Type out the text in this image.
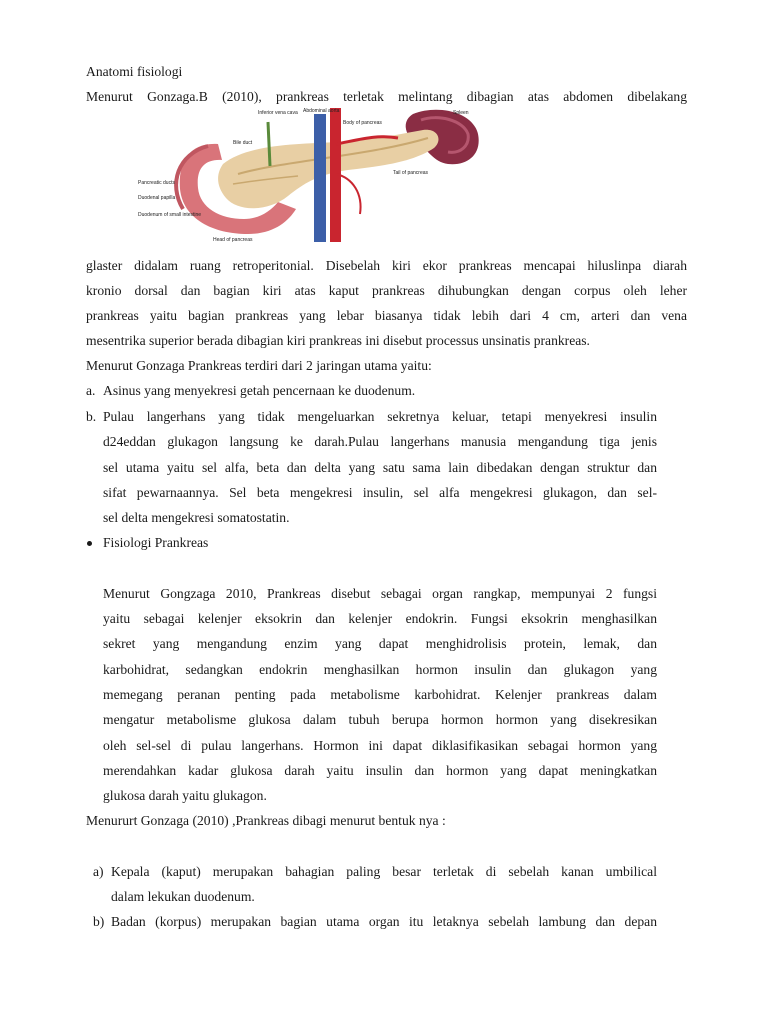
Anatomi fisiologi
Menurut Gonzaga.B (2010), prankreas terletak melintang dibagian atas abdomen dibelakang
Inferior vena cava Abdominal aorta
Body of pancreas
Spleen
Bile duct
Tail of pancreas
Pancreatic ducts
Duodenal papilla
Duodenum of small intestine
Head of pancreas
glaster didalam ruang retroperitonial. Disebelah kiri ekor prankreas mencapai hiluslinpa diarah
kronio dorsal dan bagian kiri atas kaput prankreas dihubungkan dengan corpus oleh leher
prankreas yaitu bagian prankreas yang lebar biasanya tidak lebih dari 4 cm, arteri dan vena
mesentrika superior berada dibagian kiri prankreas ini disebut processus unsinatis prankreas.
Menurut Gonzaga Prankreas terdiri dari 2 jaringan utama yaitu:
a. Asinus yang menyekresi getah pencernaan ke duodenum.
b. Pulau langerhans yang tidak mengeluarkan sekretnya keluar, tetapi menyekresi insulin
d24eddan glukagon langsung ke darah.Pulau langerhans manusia mengandung tiga jenis
sel utama yaitu sel alfa, beta dan delta yang satu sama lain dibedakan dengan struktur dan
sifat pewarnaannya. Sel beta mengekresi insulin, sel alfa mengekresi glukagon, dan sel-
sel delta mengekresi somatostatin.
Fisiologi Prankreas
Menurut Gongzaga 2010, Prankreas disebut sebagai organ rangkap, mempunyai 2 fungsi
yaitu sebagai kelenjer eksokrin dan kelenjer endokrin. Fungsi eksokrin menghasilkan
sekret yang mengandung enzim yang dapat menghidrolisis protein, lemak, dan
karbohidrat, sedangkan endokrin menghasilkan hormon insulin dan glukagon yang
memegang peranan penting pada metabolisme karbohidrat. Kelenjer prankreas dalam
mengatur metabolisme glukosa dalam tubuh berupa hormon hormon yang disekresikan
oleh sel-sel di pulau langerhans. Hormon ini dapat diklasifikasikan sebagai hormon yang
merendahkan kadar glukosa darah yaitu insulin dan hormon yang dapat meningkatkan
glukosa darah yaitu glukagon.
Menururt Gonzaga (2010) ,Prankreas dibagi menurut bentuk nya :
a) Kepala (kaput) merupakan bahagian paling besar terletak di sebelah kanan umbilical
dalam lekukan duodenum.
b) Badan (korpus) merupakan bagian utama organ itu letaknya sebelah lambung dan depan
